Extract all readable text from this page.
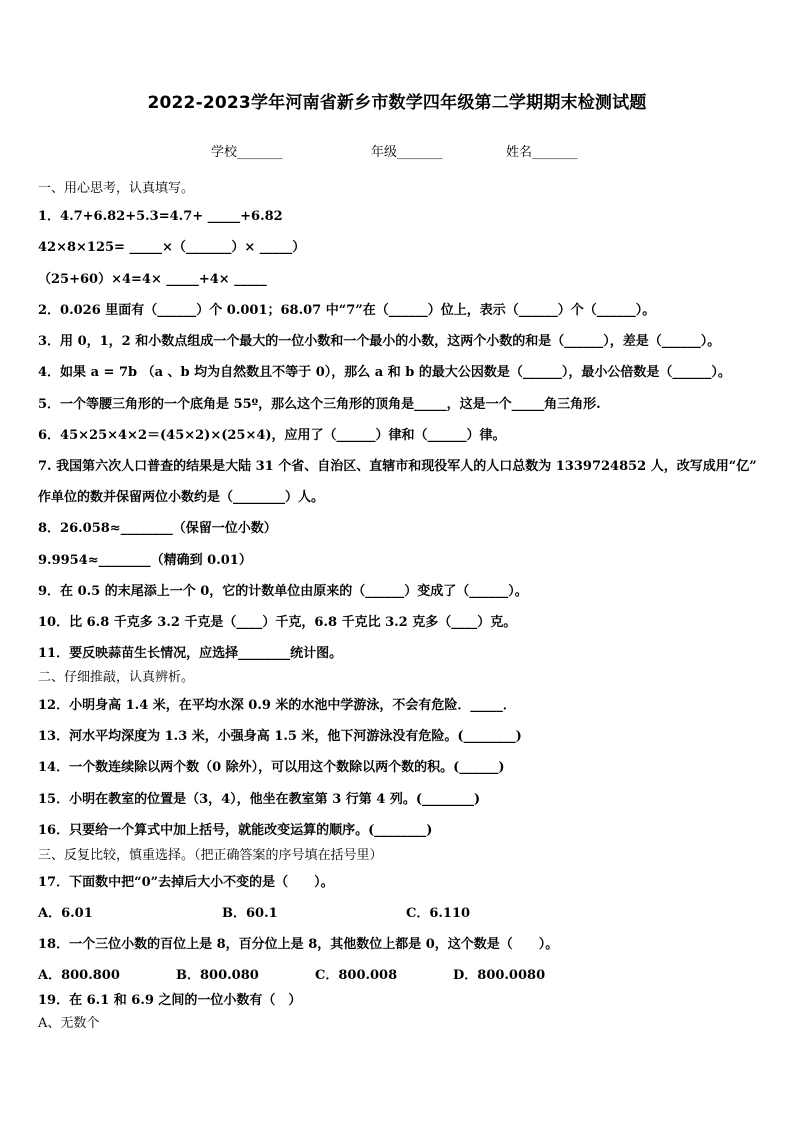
2022-2023学年河南省新乡市数学四年级第二学期期末检测试题
学校_______	年级_______	姓名_______
一、用心思考，认真填写。
1．4.7+6.82+5.3=4.7+ _____+6.82
42×8×125= _____×（_______）× _____）
（25+60）×4=4× _____+4× _____
2．0.026 里面有（______）个 0.001；68.07 中“7”在（______）位上，表示（______）个（______）。
3．用 0，1，2 和小数点组成一个最大的一位小数和一个最小的小数，这两个小数的和是（______），差是（______）。
4．如果 a = 7b （a 、b 均为自然数且不等于 0），那么 a 和 b 的最大公因数是（______），最小公倍数是（______）。
5．一个等腰三角形的一个底角是 55º，那么这个三角形的顶角是_____，这是一个_____角三角形.
6．45×25×4×2＝(45×2)×(25×4)，应用了（______）律和（______）律。
7. 我国第六次人口普查的结果是大陆 31 个省、自治区、直辖市和现役军人的人口总数为 1339724852 人，改写成用“亿”
作单位的数并保留两位小数约是（________）人。
8．26.058≈________（保留一位小数）
9.9954≈________（精确到 0.01）
9．在 0.5 的末尾添上一个 0，它的计数单位由原来的（______）变成了（______）。
10．比 6.8 千克多 3.2 千克是（____）千克，6.8 千克比 3.2 克多（____）克。
11．要反映蒜苗生长情况，应选择________统计图。
二、仔细推敲，认真辨析。
12．小明身高 1.4 米，在平均水深 0.9 米的水池中学游泳，不会有危险．_____．
13．河水平均深度为 1.3 米，小强身高 1.5 米，他下河游泳没有危险。(________)
14．一个数连续除以两个数（0 除外），可以用这个数除以两个数的积。(______)
15．小明在教室的位置是（3，4），他坐在教室第 3 行第 4 列。(________)
16．只要给一个算式中加上括号，就能改变运算的顺序。(________)
三、反复比较，慎重选择。（把正确答案的序号填在括号里）
17．下面数中把“0”去掉后大小不变的是（　　）。
A．6.01	B．60.1	C．6.110
18．一个三位小数的百位上是 8，百分位上是 8，其他数位上都是 0，这个数是（　　）。
A．800.800	B．800.080	C．800.008	D．800.0080
19．在 6.1 和 6.9 之间的一位小数有（　）
A、无数个
